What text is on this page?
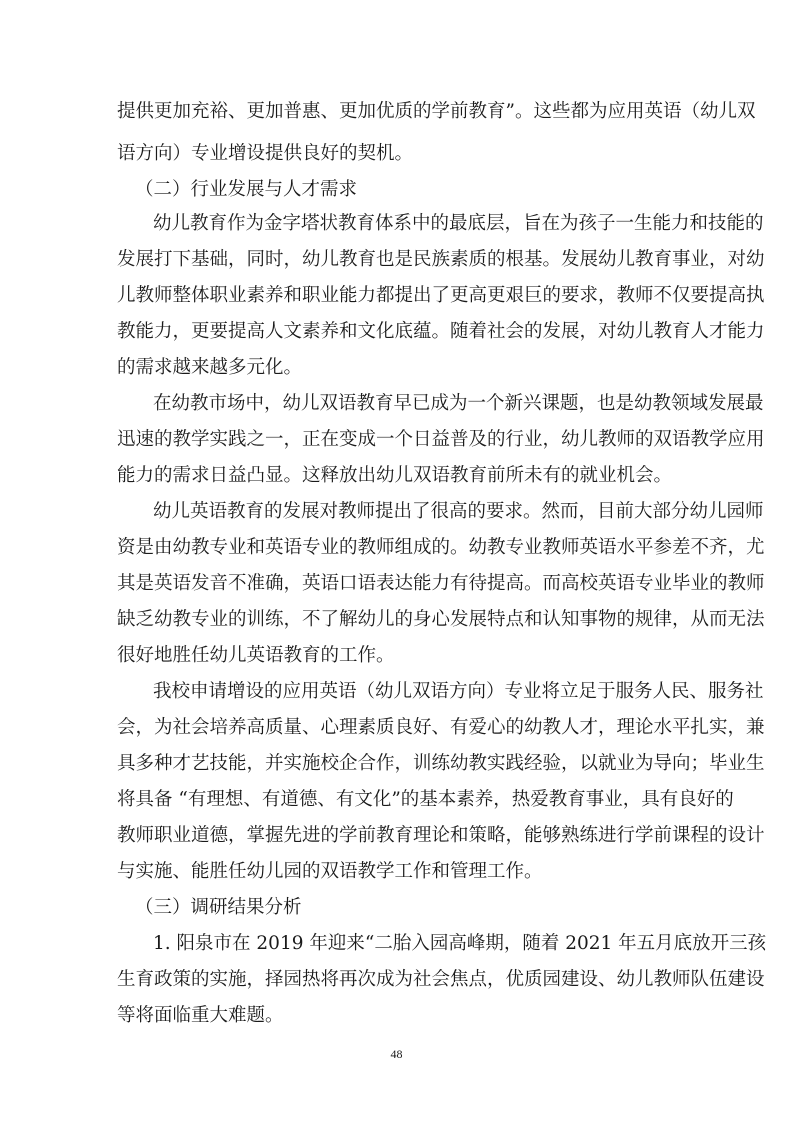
提供更加充裕、更加普惠、更加优质的学前教育”。这些都为应用英语（幼儿双
语方向）专业增设提供良好的契机。
（二）行业发展与人才需求
幼儿教育作为金字塔状教育体系中的最底层，旨在为孩子一生能力和技能的
发展打下基础，同时，幼儿教育也是民族素质的根基。发展幼儿教育事业，对幼
儿教师整体职业素养和职业能力都提出了更高更艰巨的要求，教师不仅要提高执
教能力，更要提高人文素养和文化底蕴。随着社会的发展，对幼儿教育人才能力
的需求越来越多元化。
在幼教市场中，幼儿双语教育早已成为一个新兴课题，也是幼教领域发展最
迅速的教学实践之一，正在变成一个日益普及的行业，幼儿教师的双语教学应用
能力的需求日益凸显。这释放出幼儿双语教育前所未有的就业机会。
幼儿英语教育的发展对教师提出了很高的要求。然而，目前大部分幼儿园师
资是由幼教专业和英语专业的教师组成的。幼教专业教师英语水平参差不齐，尤
其是英语发音不准确，英语口语表达能力有待提高。而高校英语专业毕业的教师
缺乏幼教专业的训练，不了解幼儿的身心发展特点和认知事物的规律，从而无法
很好地胜任幼儿英语教育的工作。
我校申请增设的应用英语（幼儿双语方向）专业将立足于服务人民、服务社
会，为社会培养高质量、心理素质良好、有爱心的幼教人才，理论水平扎实，兼
具多种才艺技能，并实施校企合作，训练幼教实践经验，以就业为导向；毕业生
将具备 “有理想、有道德、有文化”的基本素养，热爱教育事业，具有良好的
教师职业道德，掌握先进的学前教育理论和策略，能够熟练进行学前课程的设计
与实施、能胜任幼儿园的双语教学工作和管理工作。
（三）调研结果分析
1. 阳泉市在 2019 年迎来“二胎入园高峰期，随着 2021 年五月底放开三孩
生育政策的实施，择园热将再次成为社会焦点，优质园建设、幼儿教师队伍建设
等将面临重大难题。
48
